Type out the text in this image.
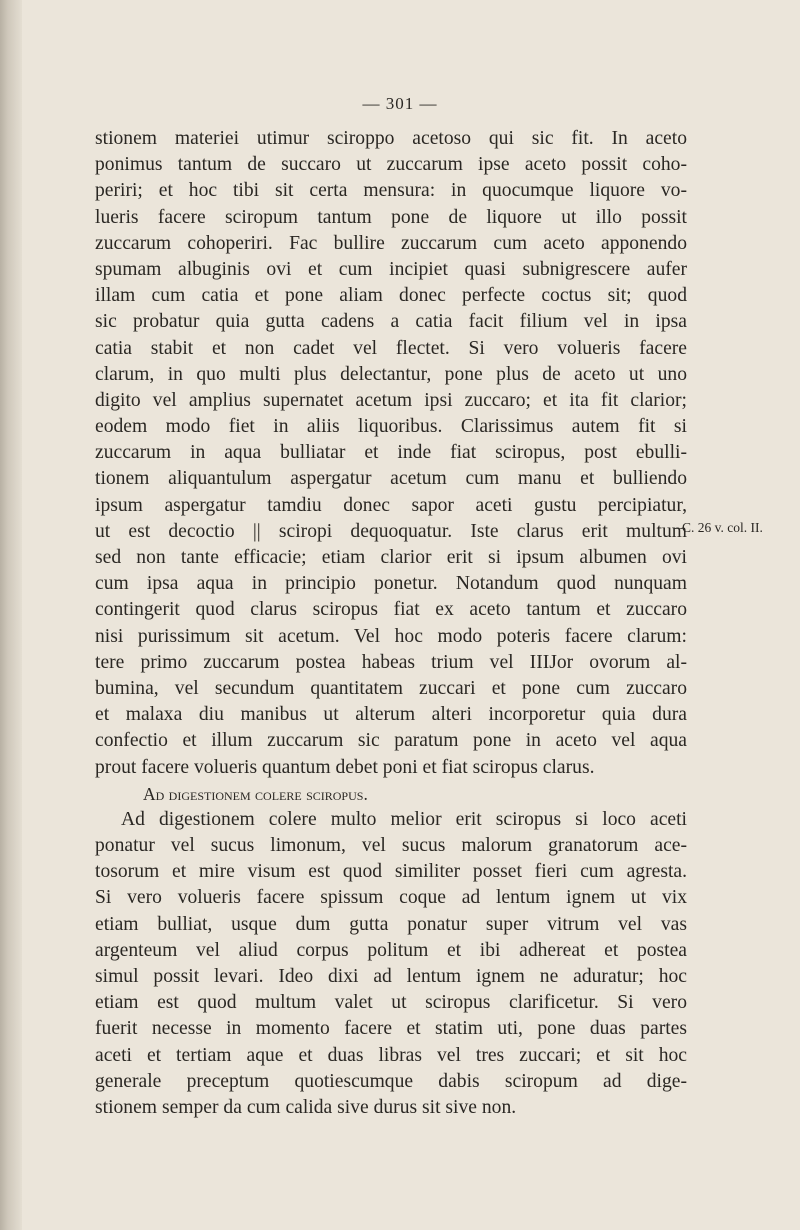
— 301 —
stionem materiei utimur sciroppo acetoso qui sic fit. In aceto
ponimus tantum de succaro ut zuccarum ipse aceto possit coho-
periri; et hoc tibi sit certa mensura: in quocumque liquore vo-
lueris facere sciropum tantum pone de liquore ut illo possit
zuccarum cohoperiri. Fac bullire zuccarum cum aceto apponendo
spumam albuginis ovi et cum incipiet quasi subnigrescere aufer
illam cum catia et pone aliam donec perfecte coctus sit; quod
sic probatur quia gutta cadens a catia facit filium vel in ipsa
catia stabit et non cadet vel flectet. Si vero volueris facere
clarum, in quo multi plus delectantur, pone plus de aceto ut uno
digito vel amplius supernatet acetum ipsi zuccaro; et ita fit clarior;
eodem modo fiet in aliis liquoribus. Clarissimus autem fit si
zuccarum in aqua bulliatar et inde fiat sciropus, post ebulli-
tionem aliquantulum aspergatur acetum cum manu et bulliendo
ipsum aspergatur tamdiu donec sapor aceti gustu percipiatur,
ut est decoctio || sciropi dequoquatur. Iste clarus erit multum
sed non tante efficacie; etiam clarior erit si ipsum albumen ovi
cum ipsa aqua in principio ponetur. Notandum quod nunquam
contingerit quod clarus sciropus fiat ex aceto tantum et zuccaro
nisi purissimum sit acetum. Vel hoc modo poteris facere clarum:
tere primo zuccarum postea habeas trium vel IIIJor ovorum al-
bumina, vel secundum quantitatem zuccari et pone cum zuccaro
et malaxa diu manibus ut alterum alteri incorporetur quia dura
confectio et illum zuccarum sic paratum pone in aceto vel aqua
prout facere volueris quantum debet poni et fiat sciropus clarus.
Ad digestionem colere sciropus.
Ad digestionem colere multo melior erit sciropus si loco aceti
ponatur vel sucus limonum, vel sucus malorum granatorum ace-
tosorum et mire visum est quod similiter posset fieri cum agresta.
Si vero volueris facere spissum coque ad lentum ignem ut vix
etiam bulliat, usque dum gutta ponatur super vitrum vel vas
argenteum vel aliud corpus politum et ibi adhereat et postea
simul possit levari. Ideo dixi ad lentum ignem ne aduratur; hoc
etiam est quod multum valet ut sciropus clarificetur. Si vero
fuerit necesse in momento facere et statim uti, pone duas partes
aceti et tertiam aque et duas libras vel tres zuccari; et sit hoc
generale preceptum quotiescumque dabis sciropum ad dige-
stionem semper da cum calida sive durus sit sive non.
C. 26 v. col. II.
